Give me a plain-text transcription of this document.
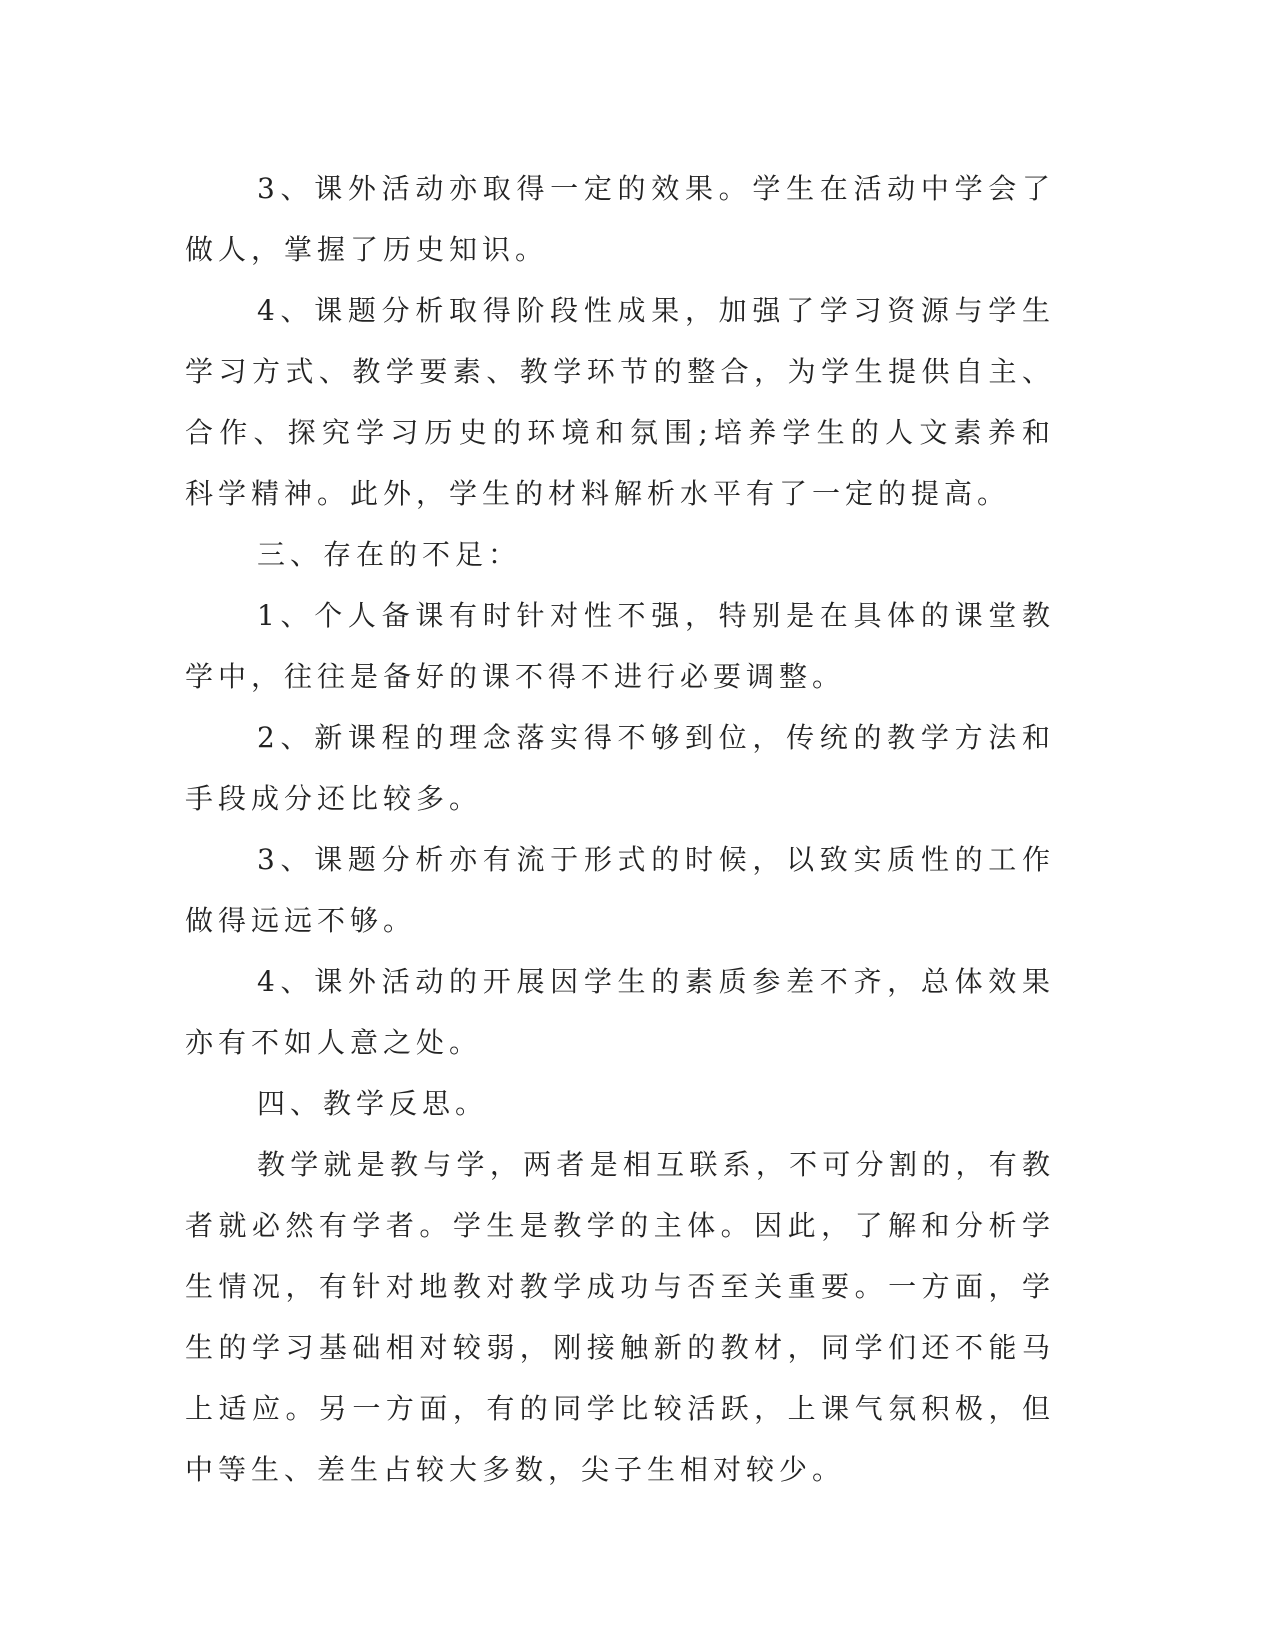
3、课外活动亦取得一定的效果。学生在活动中学会了做人，掌握了历史知识。

4、课题分析取得阶段性成果，加强了学习资源与学生学习方式、教学要素、教学环节的整合，为学生提供自主、合作、探究学习历史的环境和氛围;培养学生的人文素养和科学精神。此外，学生的材料解析水平有了一定的提高。

三、存在的不足：

1、个人备课有时针对性不强，特别是在具体的课堂教学中，往往是备好的课不得不进行必要调整。

2、新课程的理念落实得不够到位，传统的教学方法和手段成分还比较多。

3、课题分析亦有流于形式的时候，以致实质性的工作做得远远不够。

4、课外活动的开展因学生的素质参差不齐，总体效果亦有不如人意之处。

四、教学反思。

教学就是教与学，两者是相互联系，不可分割的，有教者就必然有学者。学生是教学的主体。因此，了解和分析学生情况，有针对地教对教学成功与否至关重要。一方面，学生的学习基础相对较弱，刚接触新的教材，同学们还不能马上适应。另一方面，有的同学比较活跃，上课气氛积极，但中等生、差生占较大多数，尖子生相对较少。
